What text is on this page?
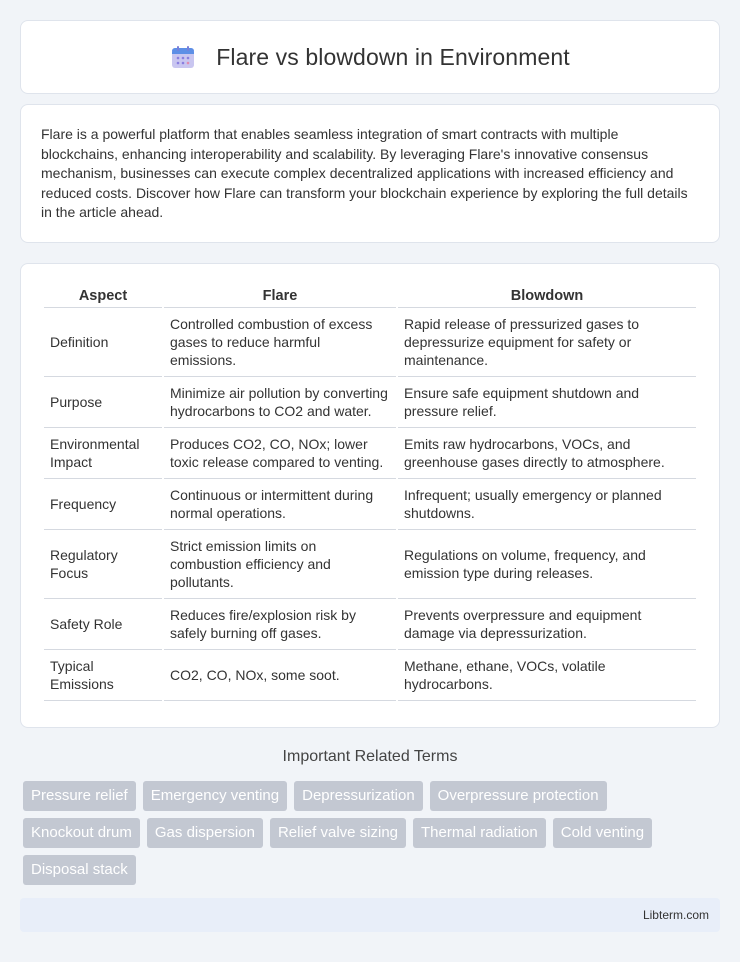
Flare vs blowdown in Environment

Flare is a powerful platform that enables seamless integration of smart contracts with multiple blockchains, enhancing interoperability and scalability. By leveraging Flare's innovative consensus mechanism, businesses can execute complex decentralized applications with increased efficiency and reduced costs. Discover how Flare can transform your blockchain experience by exploring the full details in the article ahead.

Aspect	Flare	Blowdown
Definition	Controlled combustion of excess gases to reduce harmful emissions.	Rapid release of pressurized gases to depressurize equipment for safety or maintenance.
Purpose	Minimize air pollution by converting hydrocarbons to CO2 and water.	Ensure safe equipment shutdown and pressure relief.
Environmental Impact	Produces CO2, CO, NOx; lower toxic release compared to venting.	Emits raw hydrocarbons, VOCs, and greenhouse gases directly to atmosphere.
Frequency	Continuous or intermittent during normal operations.	Infrequent; usually emergency or planned shutdowns.
Regulatory Focus	Strict emission limits on combustion efficiency and pollutants.	Regulations on volume, frequency, and emission type during releases.
Safety Role	Reduces fire/explosion risk by safely burning off gases.	Prevents overpressure and equipment damage via depressurization.
Typical Emissions	CO2, CO, NOx, some soot.	Methane, ethane, VOCs, volatile hydrocarbons.
Important Related Terms
Pressure relief	Emergency venting	Depressurization	Overpressure protection
Knockout drum	Gas dispersion	Relief valve sizing	Thermal radiation	Cold venting
Disposal stack
Libterm.com
